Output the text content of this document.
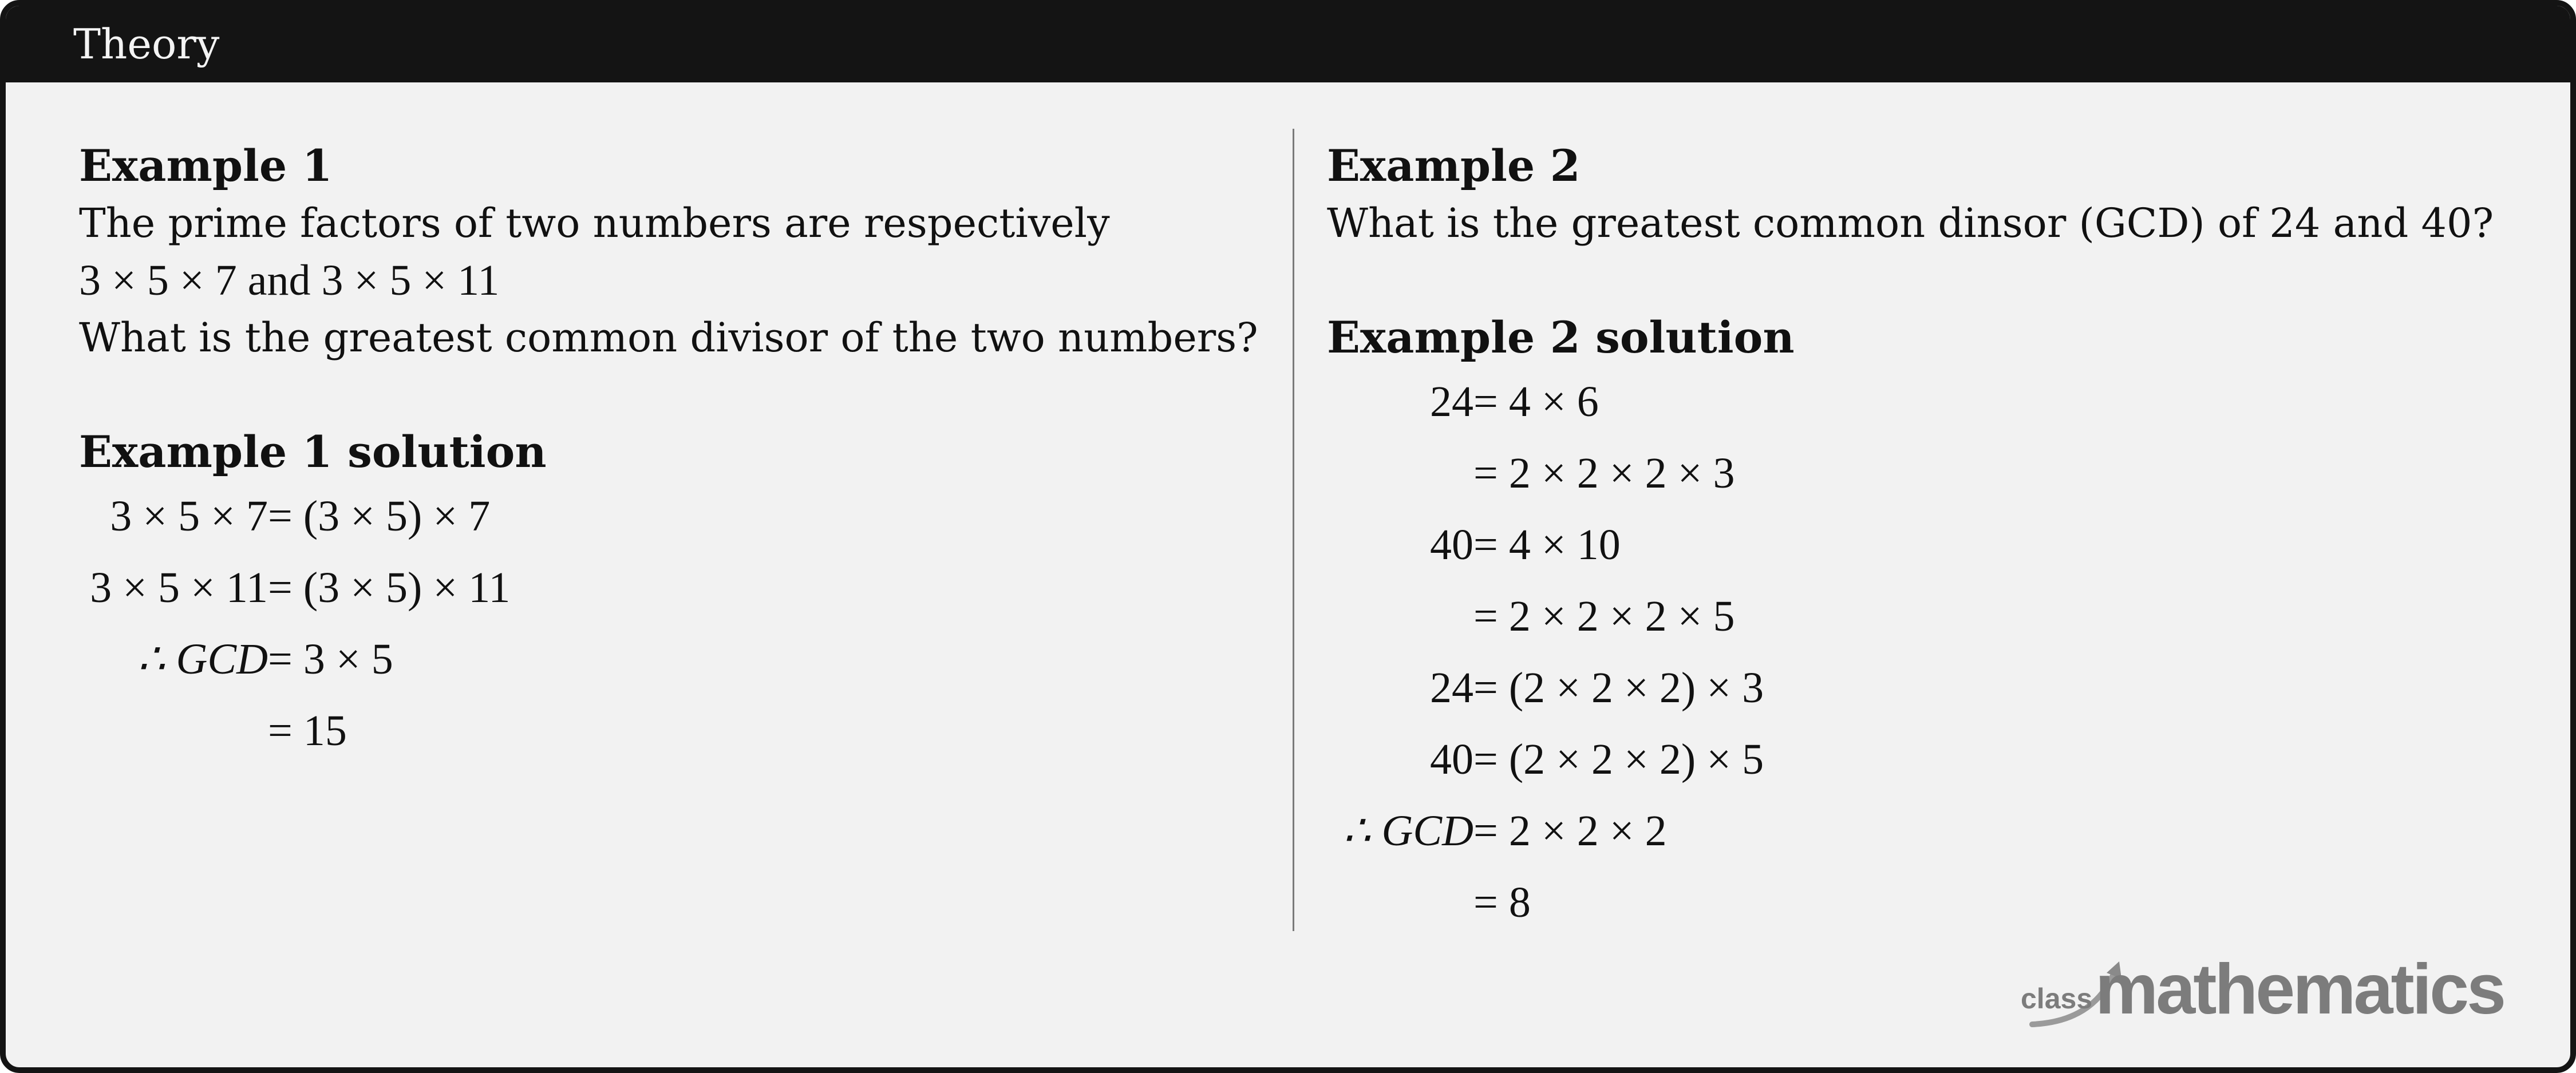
Theory

Example 1

The prime factors of two numbers are respectively

3 × 5 × 7 and 3 × 5 × 11

What is the greatest common divisor of the two numbers?

Example 1 solution

3 × 5 × 7 = (3 × 5) × 7
3 × 5 × 11 = (3 × 5) × 11
∴ GCD = 3 × 5
= 15

Example 2

What is the greatest common dinsor (GCD) of 24 and 40?

Example 2 solution

24 = 4 × 6
= 2 × 2 × 2 × 3
40 = 4 × 10
= 2 × 2 × 2 × 5
24 = (2 × 2 × 2) × 3
40 = (2 × 2 × 2) × 5
∴ GCD = 2 × 2 × 2
= 8
class mathematics
